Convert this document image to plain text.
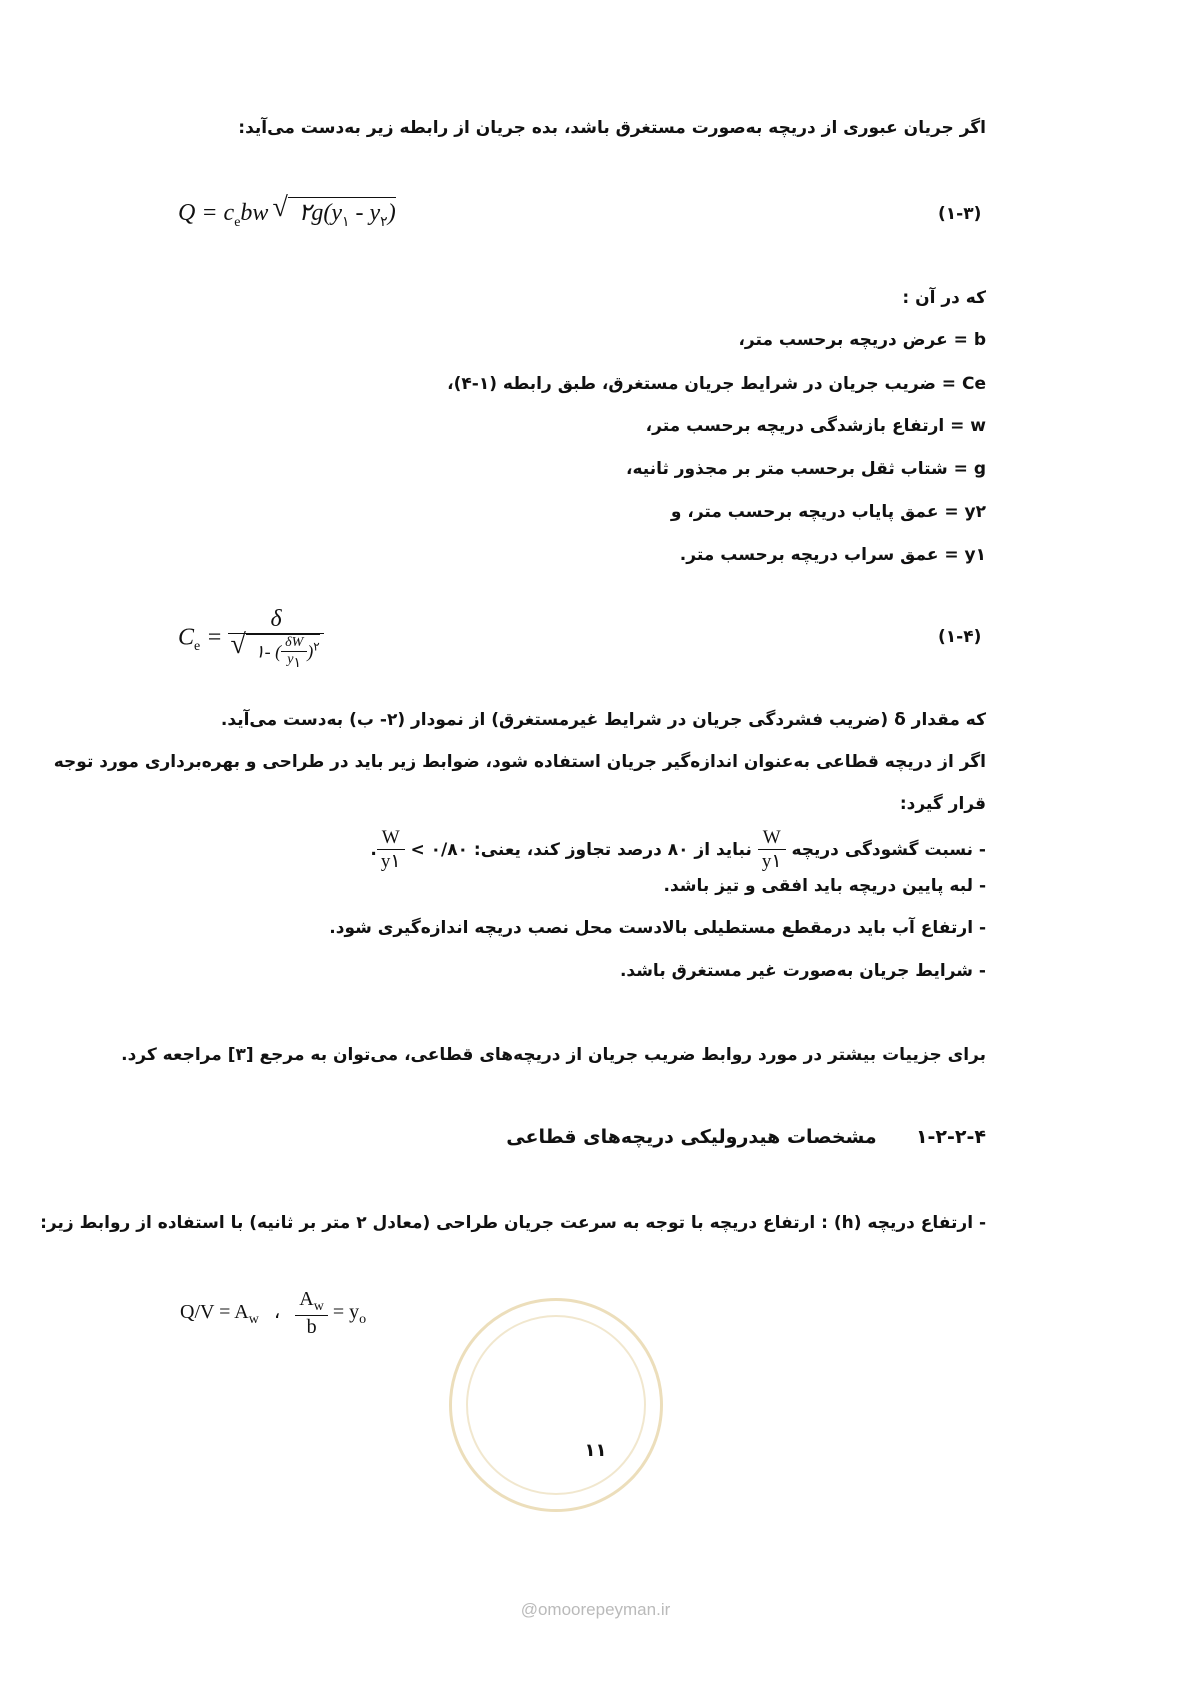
اگر جریان عبوری از دریچه به‌صورت مستغرق باشد، بده جریان از رابطه زیر به‌دست می‌آید:
$Q = c_ebw$  √ $۲g(y_۱ - y_۲)$	(۱-۳)
که در آن :
b = عرض دریچه برحسب متر،
Ce = ضریب جریان در شرایط جریان مستغرق، طبق رابطه (۱-۴)،
w = ارتفاع بازشدگی دریچه برحسب متر،
g = شتاب ثقل برحسب متر بر مجذور ثانیه،
y۲ = عمق پایاب دریچه برحسب متر، و
y۱ = عمق سراب دریچه برحسب متر.
$C_e = \delta$
√ ۱- ( $\frac{\delta W}{y۱} )^۲$	(۱-۴)
که مقدار δ (ضریب فشردگی جریان در شرایط غیرمستغرق) از نمودار (۲- ب) به‌دست می‌آید.
اگر از دریچه قطاعی به‌عنوان اندازه‌گیر جریان استفاده شود، ضوابط زیر باید در طراحی و بهره‌برداری مورد توجه
قرار گیرد:
- نسبت گشودگی دریچه
$\frac{W}{y۱}$
نباید از ۸۰ درصد تجاوز کند، یعنی: ۰/۸۰ >
$\frac{W}{y۱}$
.
- لبه پایین دریچه باید افقی و تیز باشد.
- ارتفاع آب باید درمقطع مستطیلی بالادست محل نصب دریچه اندازه‌گیری شود.
- شرایط جریان به‌صورت غیر مستغرق باشد.
برای جزییات بیشتر در مورد روابط ضریب جریان از دریچه‌های قطاعی، می‌توان به مرجع [۳] مراجعه کرد.
۱-۲-۲-۴  مشخصات هیدرولیکی دریچه‌های قطاعی
- ارتفاع دریچه (h) : ارتفاع دریچه با توجه به سرعت جریان طراحی (معادل ۲ متر بر ثانیه) با استفاده از روابط زیر:
$Q/V = A_w$ ، $\frac{A_w}{b} = y_o$
۱۱
@omoorepeyman.ir
